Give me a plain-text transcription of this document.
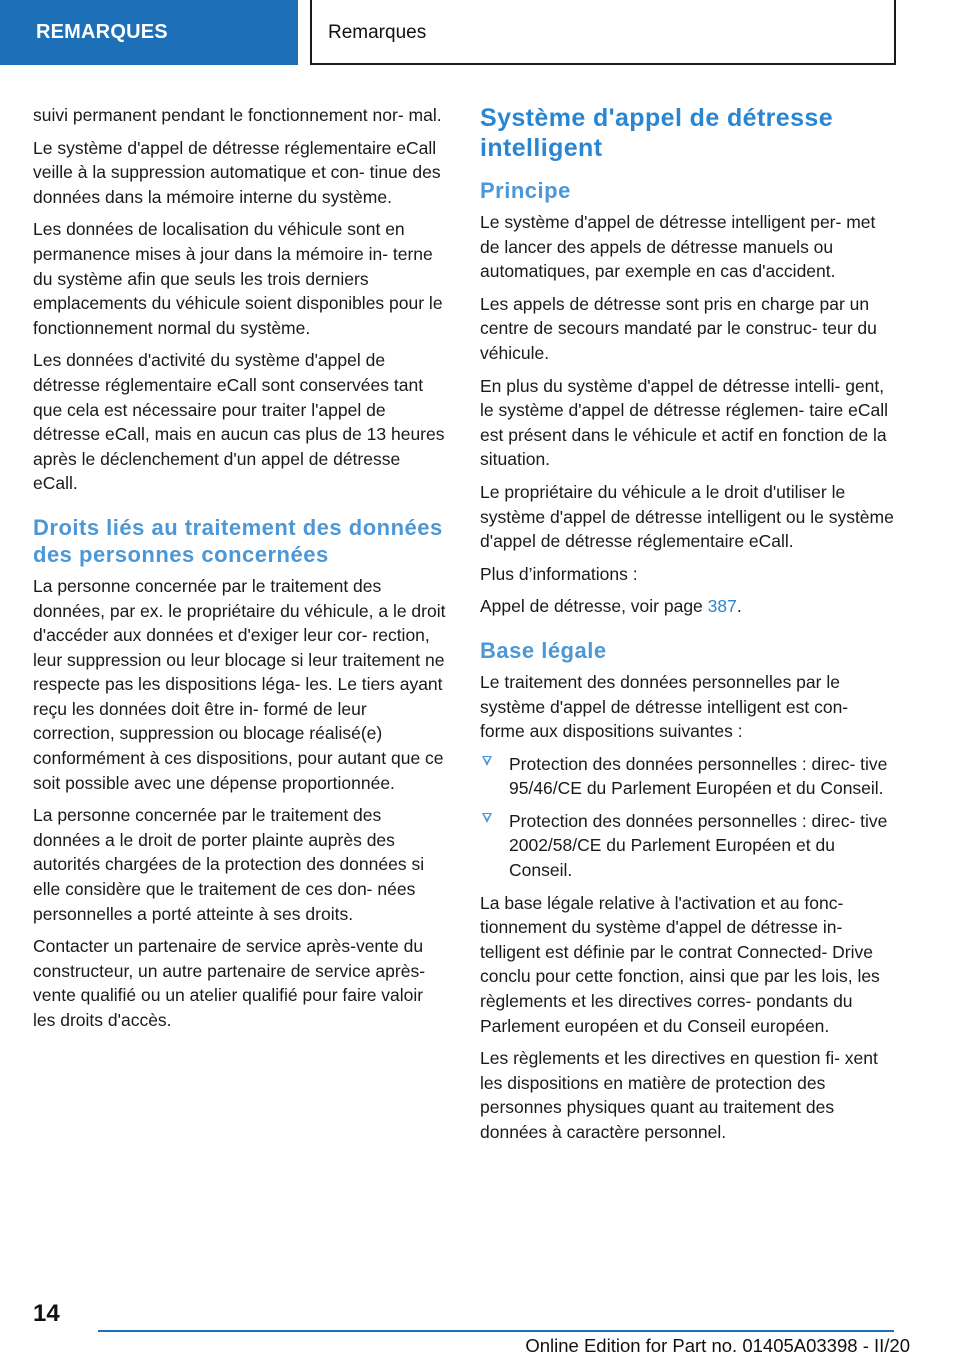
REMARQUES	Remarques

suivi permanent pendant le fonctionnement nor‐ mal.

Le système d'appel de détresse réglementaire eCall veille à la suppression automatique et con‐ tinue des données dans la mémoire interne du système.

Les données de localisation du véhicule sont en permanence mises à jour dans la mémoire in‐ terne du système afin que seuls les trois derniers emplacements du véhicule soient disponibles pour le fonctionnement normal du système.

Les données d'activité du système d'appel de détresse réglementaire eCall sont conservées tant que cela est nécessaire pour traiter l'appel de détresse eCall, mais en aucun cas plus de 13 heures après le déclenchement d'un appel de détresse eCall.

Droits liés au traitement des données des personnes concernées

La personne concernée par le traitement des données, par ex. le propriétaire du véhicule, a le droit d'accéder aux données et d'exiger leur cor‐ rection, leur suppression ou leur blocage si leur traitement ne respecte pas les dispositions léga‐ les. Le tiers ayant reçu les données doit être in‐ formé de leur correction, suppression ou blocage réalisé(e) conformément à ces dispositions, pour autant que ce soit possible avec une dépense proportionnée.

La personne concernée par le traitement des données a le droit de porter plainte auprès des autorités chargées de la protection des données si elle considère que le traitement de ces don‐ nées personnelles a porté atteinte à ses droits.

Contacter un partenaire de service après-vente du constructeur, un autre partenaire de service après-vente qualifié ou un atelier qualifié pour faire valoir les droits d'accès.

Système d'appel de détresse intelligent
Principe

Le système d'appel de détresse intelligent per‐ met de lancer des appels de détresse manuels ou automatiques, par exemple en cas d'accident.

Les appels de détresse sont pris en charge par un centre de secours mandaté par le construc‐ teur du véhicule.

En plus du système d'appel de détresse intelli‐ gent, le système d'appel de détresse réglemen‐ taire eCall est présent dans le véhicule et actif en fonction de la situation.

Le propriétaire du véhicule a le droit d'utiliser le système d'appel de détresse intelligent ou le système d'appel de détresse réglementaire eCall.

Plus d’informations :

Appel de détresse, voir page 387.

Base légale

Le traitement des données personnelles par le système d'appel de détresse intelligent est con‐ forme aux dispositions suivantes :

Protection des données personnelles : direc‐ tive 95/46/CE du Parlement Européen et du Conseil.
Protection des données personnelles : direc‐ tive 2002/58/CE du Parlement Européen et du Conseil.

La base légale relative à l'activation et au fonc‐ tionnement du système d'appel de détresse in‐ telligent est définie par le contrat Connected‐ Drive conclu pour cette fonction, ainsi que par les lois, les règlements et les directives corres‐ pondants du Parlement européen et du Conseil européen.

Les règlements et les directives en question fi‐ xent les dispositions en matière de protection des personnes physiques quant au traitement des données à caractère personnel.

14
Online Edition for Part no. 01405A03398 - II/20
